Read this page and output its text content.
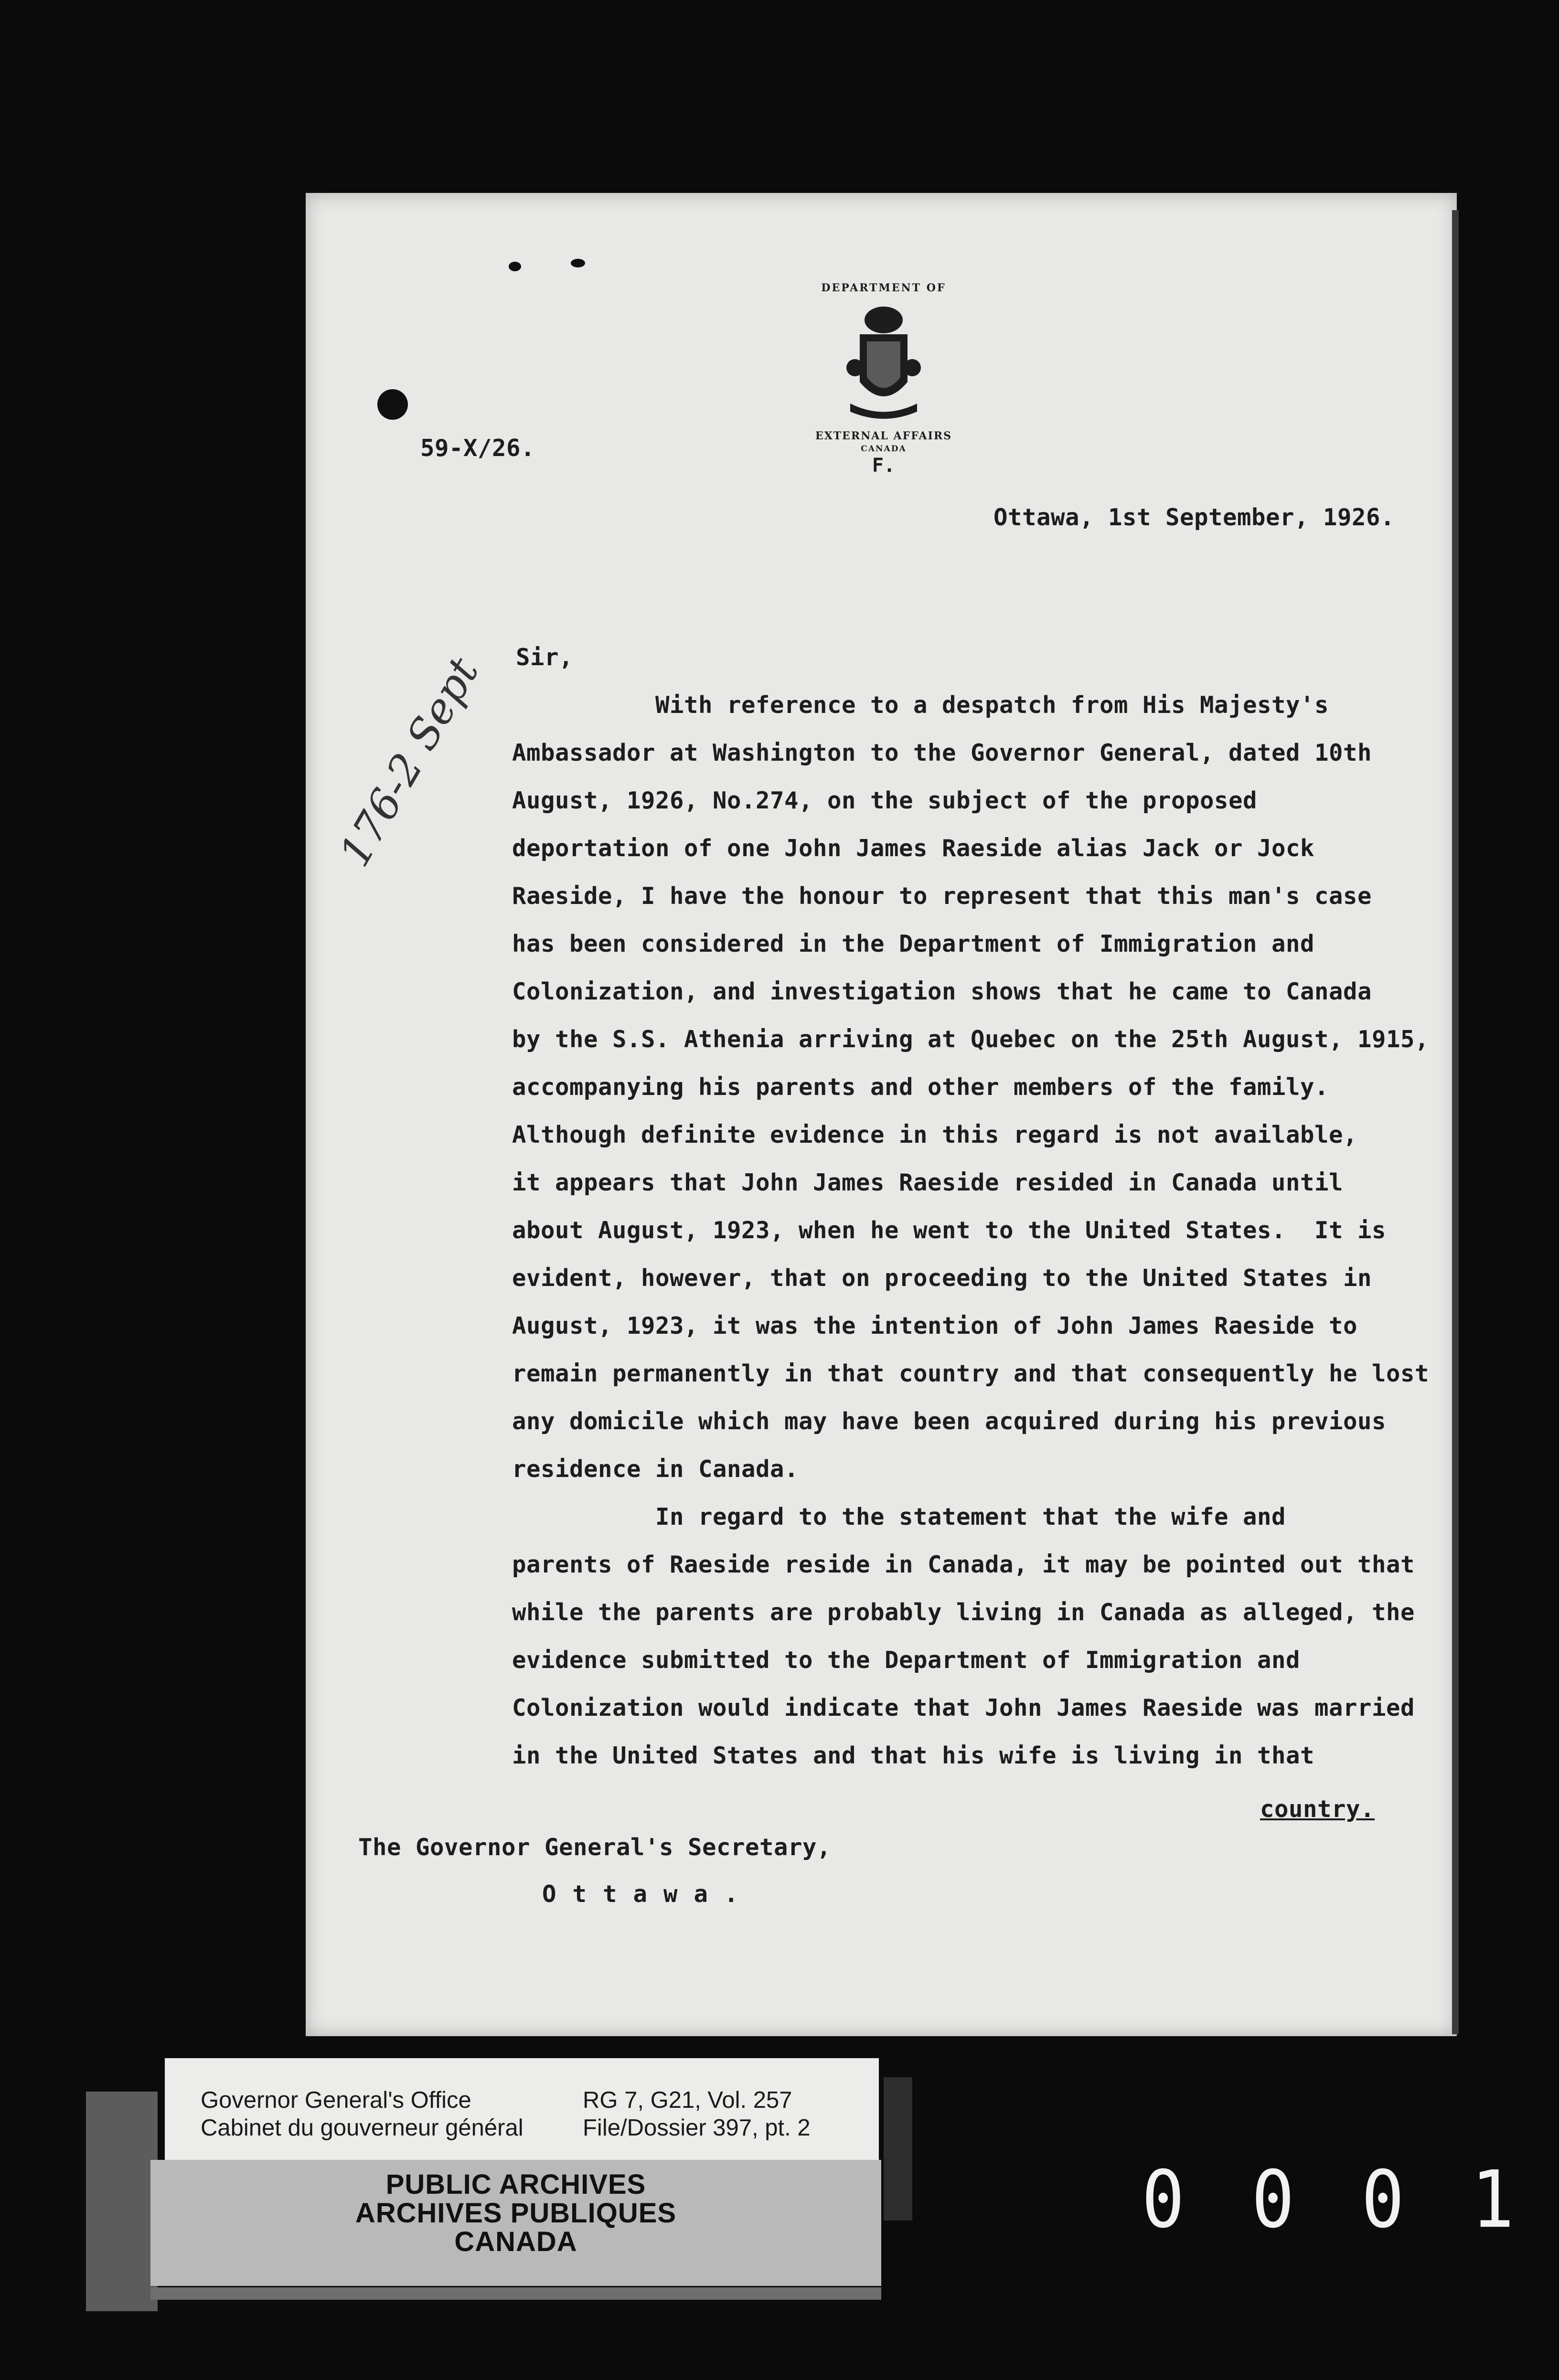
DEPARTMENT OF
EXTERNAL AFFAIRS
CANADA
F.
59-X/26.
Ottawa, 1st September, 1926.
Sir,
With reference to a despatch from His Majesty's
Ambassador at Washington to the Governor General, dated 10th
August, 1926, No.274, on the subject of the proposed
deportation of one John James Raeside alias Jack or Jock
Raeside, I have the honour to represent that this man's case
has been considered in the Department of Immigration and
Colonization, and investigation shows that he came to Canada
by the S.S. Athenia arriving at Quebec on the 25th August, 1915,
accompanying his parents and other members of the family.
Although definite evidence in this regard is not available,
it appears that John James Raeside resided in Canada until
about August, 1923, when he went to the United States.  It is
evident, however, that on proceeding to the United States in
August, 1923, it was the intention of John James Raeside to
remain permanently in that country and that consequently he lost
any domicile which may have been acquired during his previous
residence in Canada.
In regard to the statement that the wife and
parents of Raeside reside in Canada, it may be pointed out that
while the parents are probably living in Canada as alleged, the
evidence submitted to the Department of Immigration and
Colonization would indicate that John James Raeside was married
in the United States and that his wife is living in that
country.
The Governor General's Secretary,
Ottawa.
176-2 Sept
Governor General's Office
Cabinet du gouverneur général
RG 7, G21, Vol. 257
File/Dossier 397, pt. 2
PUBLIC ARCHIVES
ARCHIVES PUBLIQUES
CANADA	0 0 0 1
